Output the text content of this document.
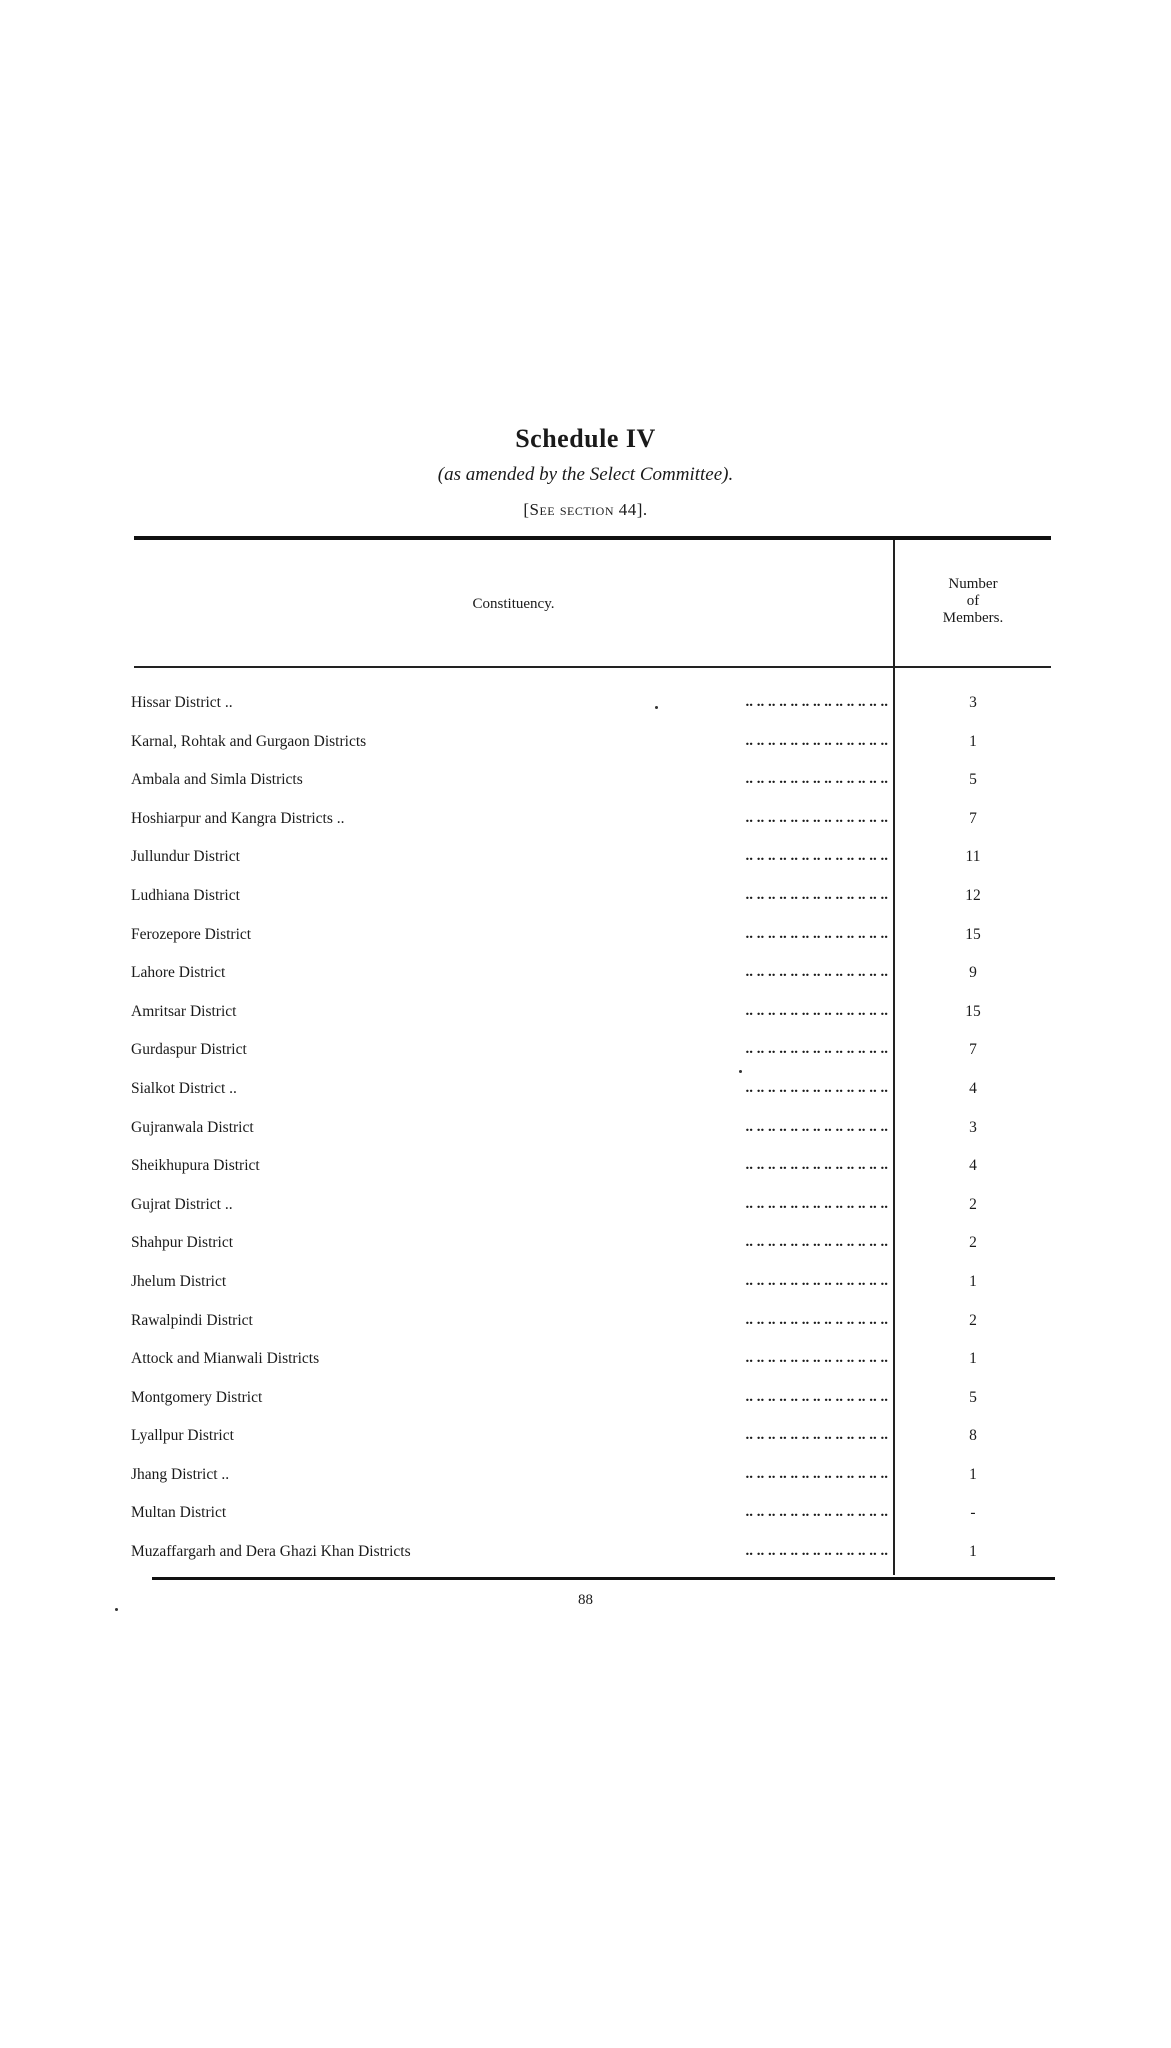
Schedule IV
(as amended by the Select Committee).
[See section 44].
Constituency.
Number
of
Members.
.. .. .. .. .. .. .. .. .. .. .. .. ..
Hissar District ..	3
.. .. .. .. .. .. .. .. .. .. .. .. ..
Karnal, Rohtak and Gurgaon Districts	1
.. .. .. .. .. .. .. .. .. .. .. .. ..
Ambala and Simla Districts	5
.. .. .. .. .. .. .. .. .. .. .. .. ..
Hoshiarpur and Kangra Districts ..	7
.. .. .. .. .. .. .. .. .. .. .. .. ..
Jullundur District	11
.. .. .. .. .. .. .. .. .. .. .. .. ..
Ludhiana District	12
.. .. .. .. .. .. .. .. .. .. .. .. ..
Ferozepore District	15
.. .. .. .. .. .. .. .. .. .. .. .. ..
Lahore District	9
.. .. .. .. .. .. .. .. .. .. .. .. ..
Amritsar District	15
.. .. .. .. .. .. .. .. .. .. .. .. ..
Gurdaspur District	7
.. .. .. .. .. .. .. .. .. .. .. .. ..
Sialkot District ..	4
.. .. .. .. .. .. .. .. .. .. .. .. ..
Gujranwala District	3
.. .. .. .. .. .. .. .. .. .. .. .. ..
Sheikhupura District	4
.. .. .. .. .. .. .. .. .. .. .. .. ..
Gujrat District ..	2
.. .. .. .. .. .. .. .. .. .. .. .. ..
Shahpur District	2
.. .. .. .. .. .. .. .. .. .. .. .. ..
Jhelum District	1
.. .. .. .. .. .. .. .. .. .. .. .. ..
Rawalpindi District	2
.. .. .. .. .. .. .. .. .. .. .. .. ..
Attock and Mianwali Districts	1
.. .. .. .. .. .. .. .. .. .. .. .. ..
Montgomery District	5
.. .. .. .. .. .. .. .. .. .. .. .. ..
Lyallpur District	8
.. .. .. .. .. .. .. .. .. .. .. .. ..
Jhang District ..	1
.. .. .. .. .. .. .. .. .. .. .. .. ..
Multan District	-
.. .. .. .. .. .. .. .. .. .. .. .. ..
Muzaffargarh and Dera Ghazi Khan Districts	1
88
